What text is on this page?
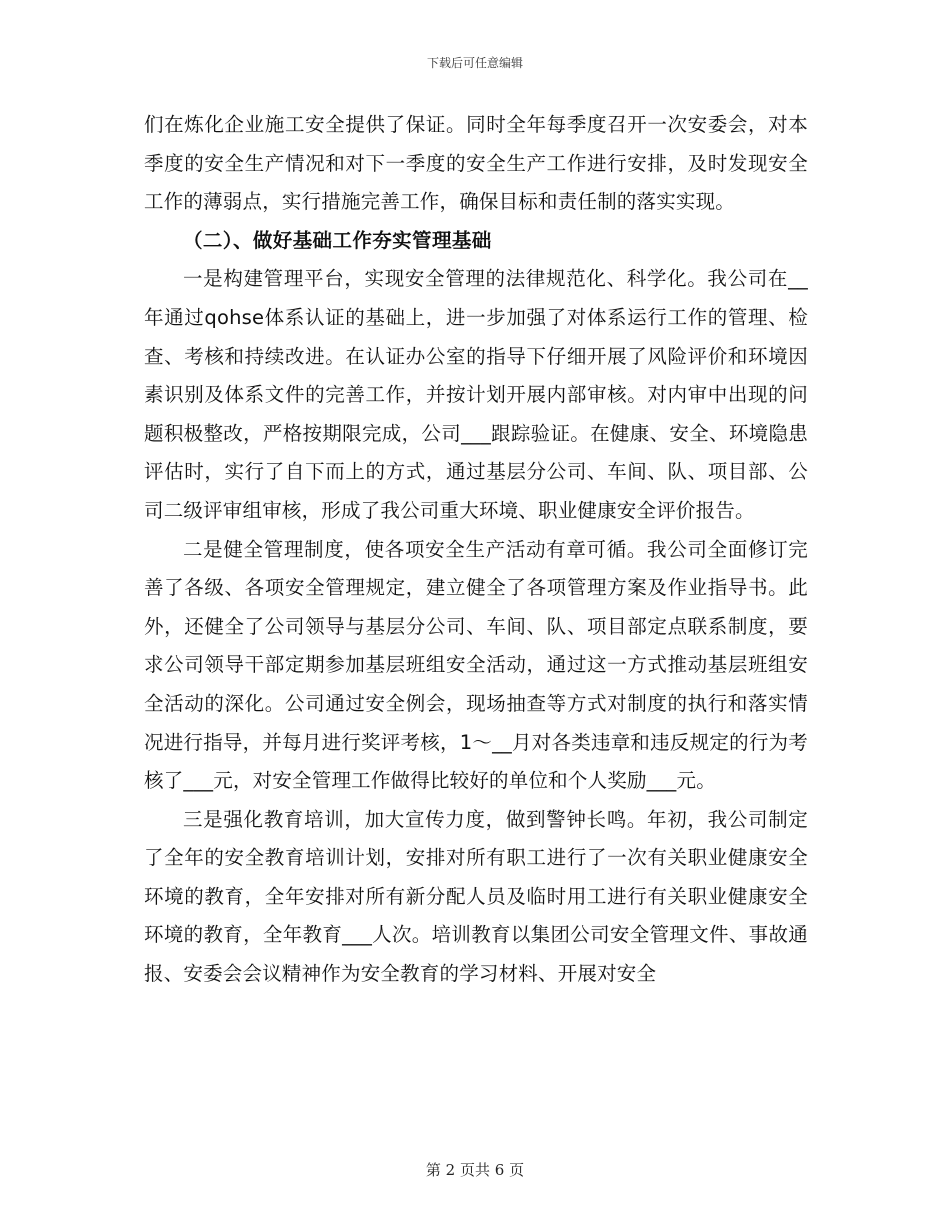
下载后可任意编辑

们在炼化企业施工安全提供了保证。同时全年每季度召开一次安委会，对本季度的安全生产情况和对下一季度的安全生产工作进行安排，及时发现安全工作的薄弱点，实行措施完善工作，确保目标和责任制的落实实现。

（二）、做好基础工作夯实管理基础

一是构建管理平台，实现安全管理的法律规范化、科学化。我公司在__年通过qohse体系认证的基础上，进一步加强了对体系运行工作的管理、检查、考核和持续改进。在认证办公室的指导下仔细开展了风险评价和环境因素识别及体系文件的完善工作，并按计划开展内部审核。对内审中出现的问题积极整改，严格按期限完成，公司___跟踪验证。在健康、安全、环境隐患评估时，实行了自下而上的方式，通过基层分公司、车间、队、项目部、公司二级评审组审核，形成了我公司重大环境、职业健康安全评价报告。

二是健全管理制度，使各项安全生产活动有章可循。我公司全面修订完善了各级、各项安全管理规定，建立健全了各项管理方案及作业指导书。此外，还健全了公司领导与基层分公司、车间、队、项目部定点联系制度，要求公司领导干部定期参加基层班组安全活动，通过这一方式推动基层班组安全活动的深化。公司通过安全例会，现场抽查等方式对制度的执行和落实情况进行指导，并每月进行奖评考核，1～__月对各类违章和违反规定的行为考核了___元，对安全管理工作做得比较好的单位和个人奖励___元。

三是强化教育培训，加大宣传力度，做到警钟长鸣。年初，我公司制定了全年的安全教育培训计划，安排对所有职工进行了一次有关职业健康安全环境的教育，全年安排对所有新分配人员及临时用工进行有关职业健康安全环境的教育，全年教育___人次。培训教育以集团公司安全管理文件、事故通报、安委会会议精神作为安全教育的学习材料、开展对安全

第 2 页共 6 页
